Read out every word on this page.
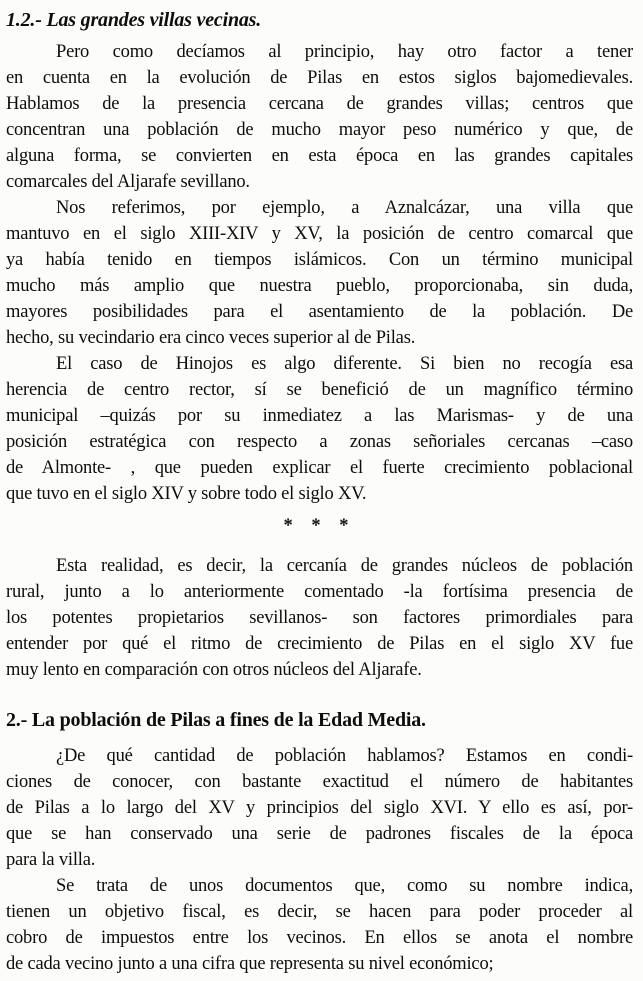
1.2.- Las grandes villas vecinas.
Pero como decíamos al principio, hay otro factor a tener
en cuenta en la evolución de Pilas en estos siglos bajomedievales.
Hablamos de la presencia cercana de grandes villas; centros que
concentran una población de mucho mayor peso numérico y que, de
alguna forma, se convierten en esta época en las grandes capitales
comarcales del Aljarafe sevillano.
Nos referimos, por ejemplo, a Aznalcázar, una villa que
mantuvo en el siglo XIII-XIV y XV, la posición de centro comarcal que
ya había tenido en tiempos islámicos. Con un término municipal
mucho más amplio que nuestra pueblo, proporcionaba, sin duda,
mayores posibilidades para el asentamiento de la población. De
hecho, su vecindario era cinco veces superior al de Pilas.
El caso de Hinojos es algo diferente. Si bien no recogía esa
herencia de centro rector, sí se benefició de un magnífico término
municipal –quizás por su inmediatez a las Marismas- y de una
posición estratégica con respecto a zonas señoriales cercanas –caso
de Almonte- , que pueden explicar el fuerte crecimiento poblacional
que tuvo en el siglo XIV y sobre todo el siglo XV.
* * *
Esta realidad, es decir, la cercanía de grandes núcleos de población
rural, junto a lo anteriormente comentado -la fortísima presencia de
los potentes propietarios sevillanos- son factores primordiales para
entender por qué el ritmo de crecimiento de Pilas en el siglo XV fue
muy lento en comparación con otros núcleos del Aljarafe.
2.- La población de Pilas a fines de la Edad Media.
¿De qué cantidad de población hablamos? Estamos en condi-
ciones de conocer, con bastante exactitud el número de habitantes
de Pilas a lo largo del XV y principios del siglo XVI. Y ello es así, por-
que se han conservado una serie de padrones fiscales de la época
para la villa.
Se trata de unos documentos que, como su nombre indica,
tienen un objetivo fiscal, es decir, se hacen para poder proceder al
cobro de impuestos entre los vecinos. En ellos se anota el nombre
de cada vecino junto a una cifra que representa su nivel económico;
